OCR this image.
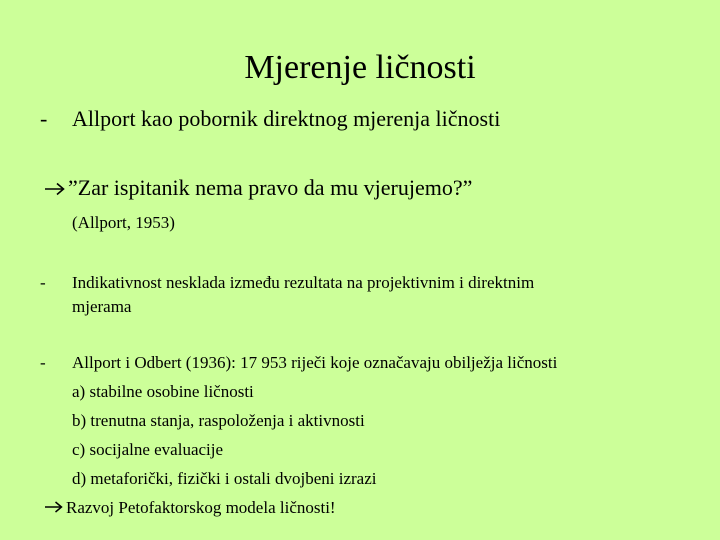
Mjerenje ličnosti
- Allport kao pobornik direktnog mjerenja ličnosti
”Zar ispitanik nema pravo da mu vjerujemo?”
(Allport, 1953)
- Indikativnost nesklada između rezultata na projektivnim i direktnim
mjerama
- Allport i Odbert (1936): 17 953 riječi koje označavaju obilježja ličnosti
a) stabilne osobine ličnosti
b) trenutna stanja, raspoloženja i aktivnosti
c) socijalne evaluacije
d) metaforički, fizički i ostali dvojbeni izrazi
Razvoj Petofaktorskog modela ličnosti!
